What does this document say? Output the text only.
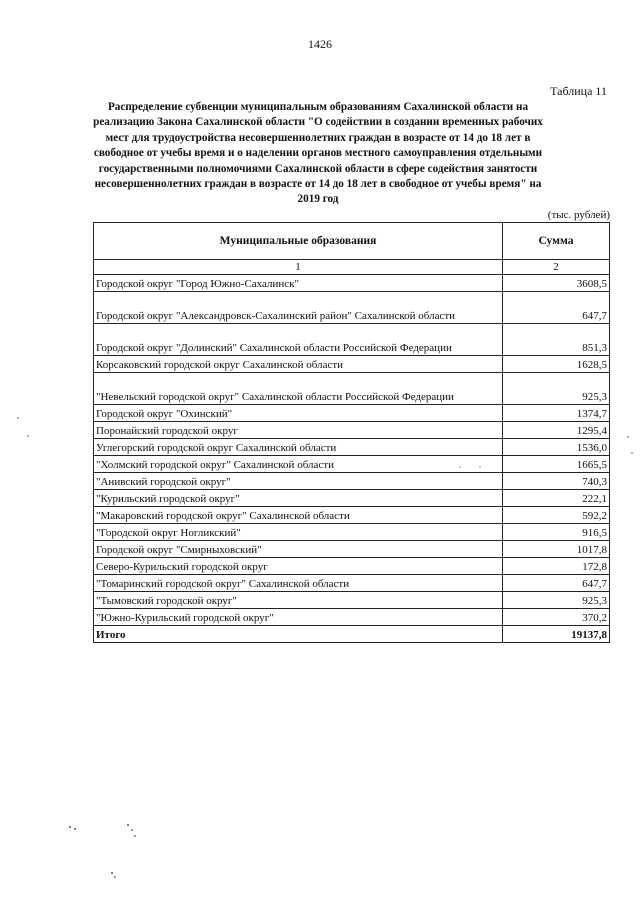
1426
Таблица 11
Распределение субвенции муниципальным образованиям Сахалинской области на
реализацию Закона Сахалинской области "О содействии в создании временных рабочих
мест для трудоустройства несовершеннолетних граждан в возрасте от 14 до 18 лет в
свободное от учебы время и о наделении органов местного самоуправления отдельными
государственными полномочиями Сахалинской области в сфере содействия занятости
несовершеннолетних граждан в возрасте от 14 до 18 лет в свободное от учебы время" на
2019 год
(тыс. рублей)
Муниципальные образования	Сумма
1	2
Городской округ "Город Южно-Сахалинск"	3608,5
Городской округ "Александровск-Сахалинский район" Сахалинской области	647,7
Городской округ "Долинский" Сахалинской области Российской Федерации	851,3
Корсаковский городской округ Сахалинской области	1628,5
"Невельский городской округ" Сахалинской области Российской Федерации	925,3
Городской округ "Охинский"	1374,7
Поронайский городской округ	1295,4
Углегорский городской округ Сахалинской области	1536,0
"Холмский городской округ" Сахалинской области	1665,5
"Анивский городской округ"	740,3
"Курильский городской округ"	222,1
"Макаровский городской округ" Сахалинской области	592,2
"Городской округ Ногликский"	916,5
Городской округ "Смирныховский"	1017,8
Северо-Курильский городской округ	172,8
"Томаринский городской округ" Сахалинской области	647,7
"Тымовский городской округ"	925,3
"Южно-Курильский городской округ"	370,2
Итого	19137,8
